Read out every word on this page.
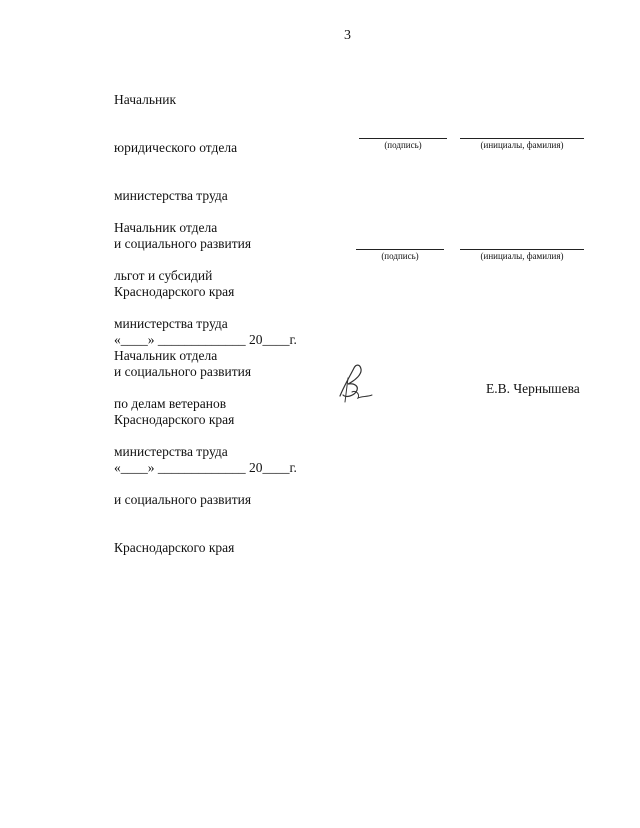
3

Начальник

юридического отдела

министерства труда

и социального развития

Краснодарского края

«____» _____________ 20____г.

(подпись)	(инициалы, фамилия)

Начальник отдела

льгот и субсидий

министерства труда

и социального развития

Краснодарского края

«____» _____________ 20____г.

(подпись)	(инициалы, фамилия)

Начальник отдела

по делам ветеранов

министерства труда

и социального развития

Краснодарского края

Е.В. Чернышева
